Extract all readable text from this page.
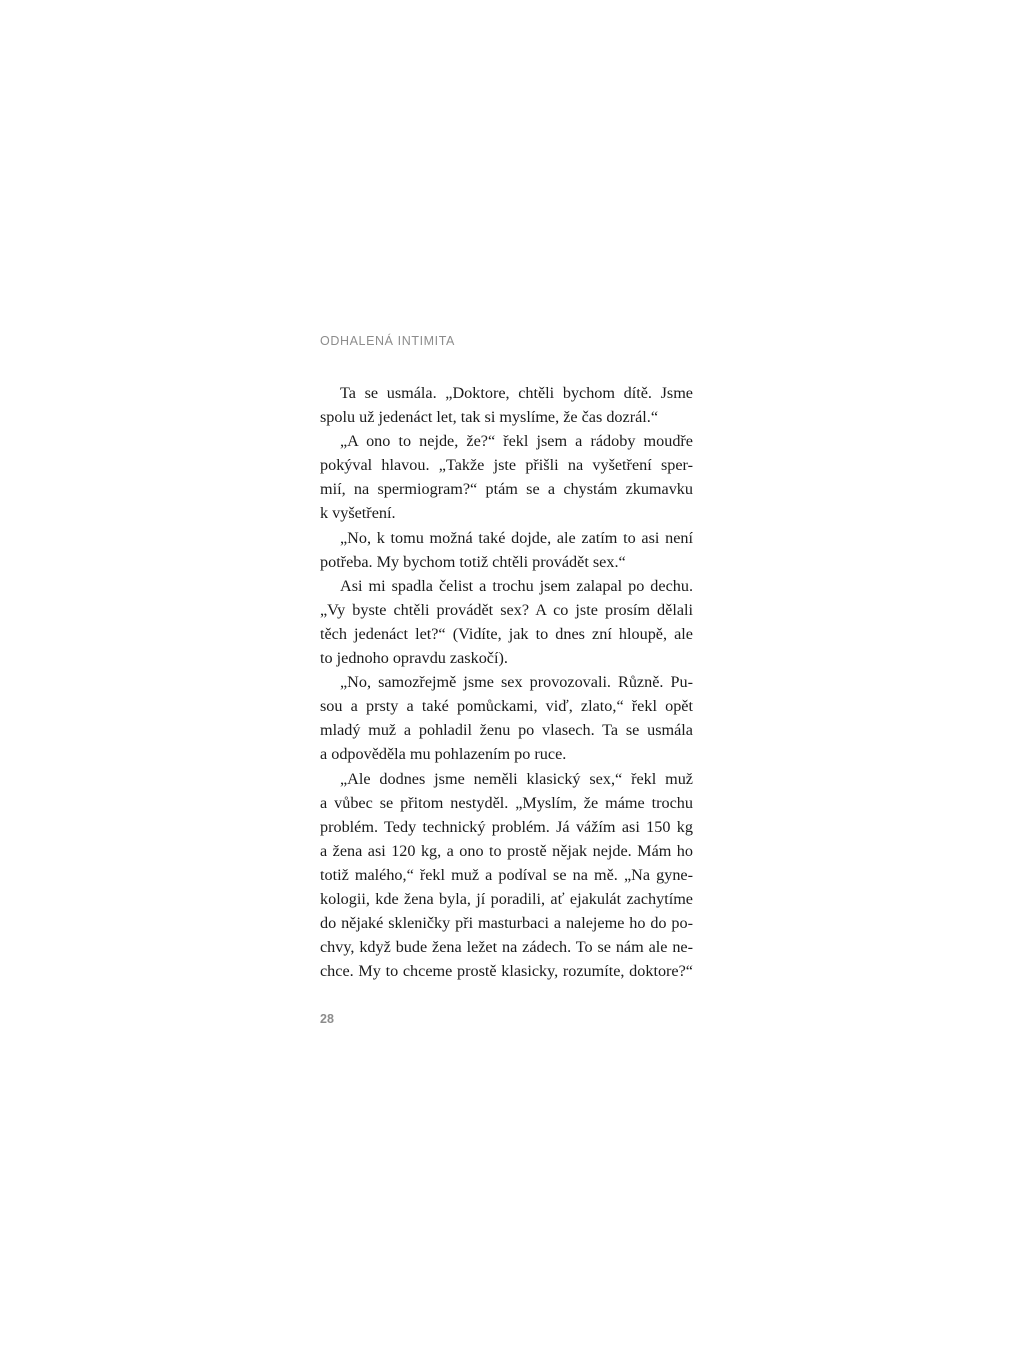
ODHALENÁ INTIMITA
Ta se usmála. „Doktore, chtěli bychom dítě. Jsme
spolu už jedenáct let, tak si myslíme, že čas dozrál.“
„A ono to nejde, že?“ řekl jsem a rádoby moudře
pokýval hlavou. „Takže jste přišli na vyšetření sper-
mií, na spermiogram?“ ptám se a chystám zkumavku
k vyšetření.
„No, k tomu možná také dojde, ale zatím to asi není
potřeba. My bychom totiž chtěli provádět sex.“
Asi mi spadla čelist a trochu jsem zalapal po dechu.
„Vy byste chtěli provádět sex? A co jste prosím dělali
těch jedenáct let?“ (Vidíte, jak to dnes zní hloupě, ale
to jednoho opravdu zaskočí).
„No, samozřejmě jsme sex provozovali. Různě. Pu-
sou a prsty a také pomůckami, viď, zlato,“ řekl opět
mladý muž a pohladil ženu po vlasech. Ta se usmála
a odpověděla mu pohlazením po ruce.
„Ale dodnes jsme neměli klasický sex,“ řekl muž
a vůbec se přitom nestyděl. „Myslím, že máme trochu
problém. Tedy technický problém. Já vážím asi 150 kg
a žena asi 120 kg, a ono to prostě nějak nejde. Mám ho
totiž malého,“ řekl muž a podíval se na mě. „Na gyne-
kologii, kde žena byla, jí poradili, ať ejakulát zachytíme
do nějaké skleničky při masturbaci a nalejeme ho do po-
chvy, když bude žena ležet na zádech. To se nám ale ne-
chce. My to chceme prostě klasicky, rozumíte, doktore?“
28
